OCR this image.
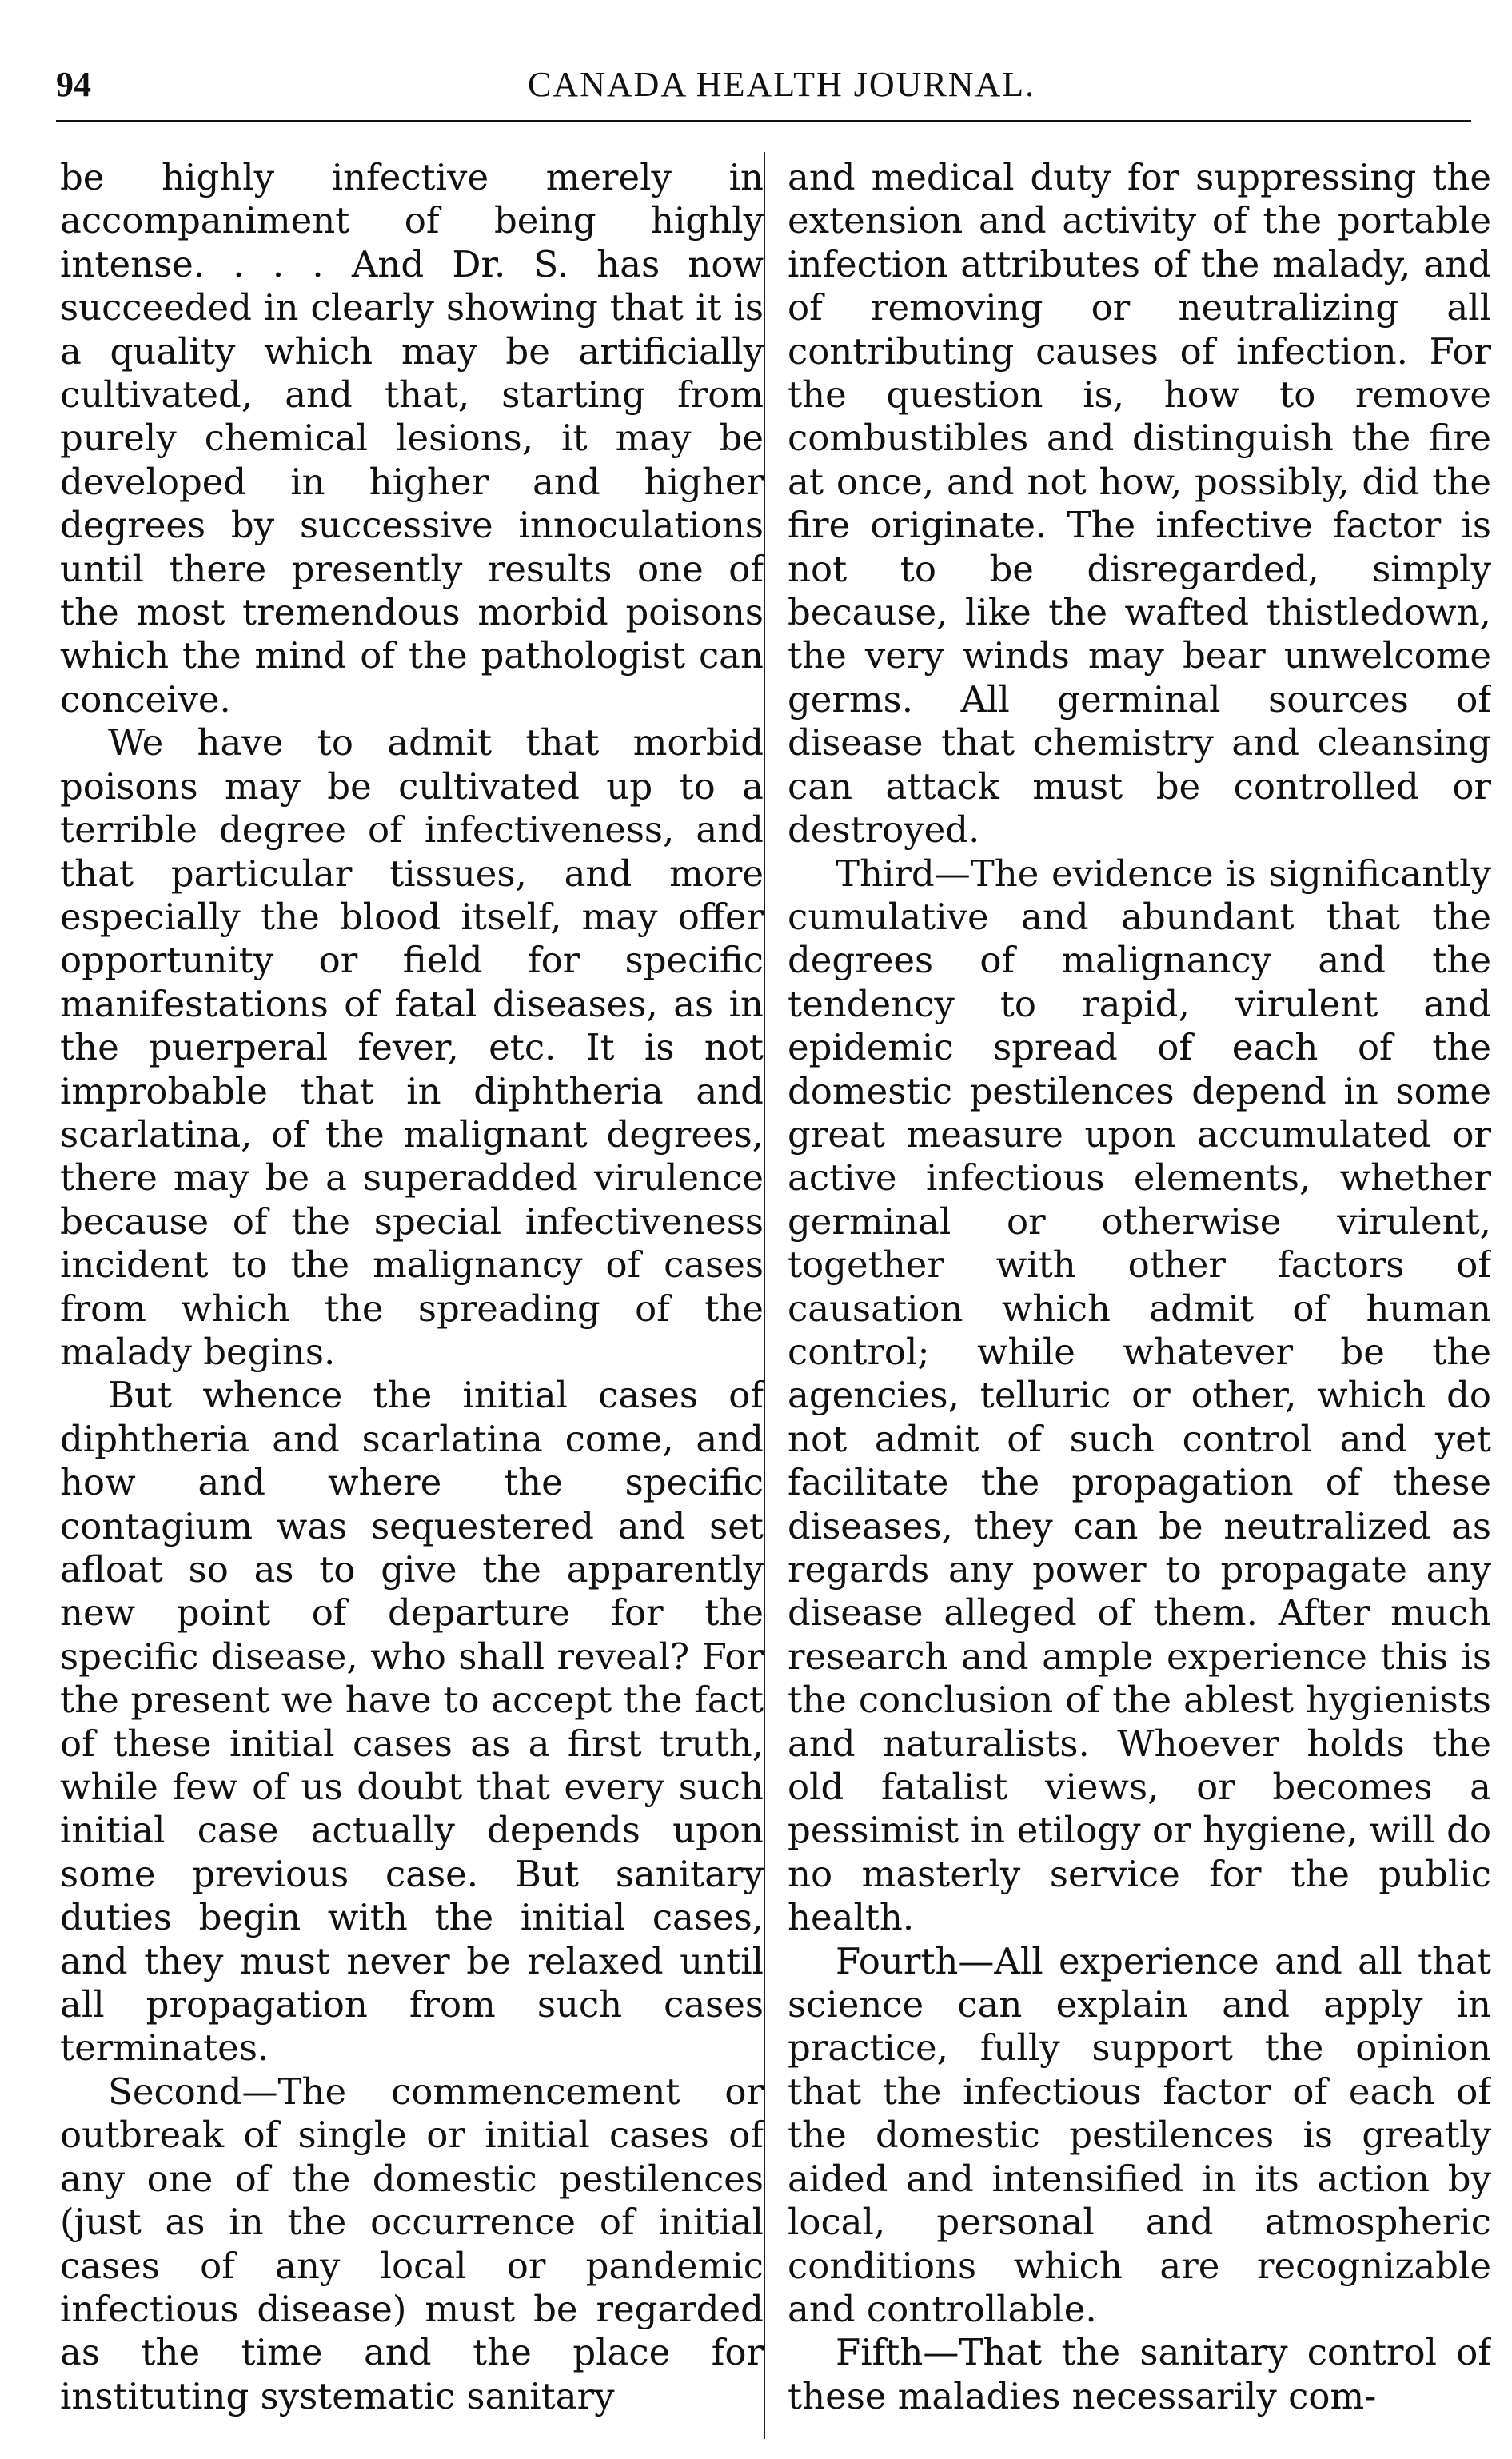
94	CANADA HEALTH JOURNAL.

be highly infective merely in accompaniment of being highly intense. . . . And Dr. S. has now succeeded in clearly showing that it is a quality which may be artificially cultivated, and that, starting from purely chemical lesions, it may be developed in higher and higher degrees by successive innoculations until there presently results one of the most tremendous morbid poisons which the mind of the pathologist can conceive.

We have to admit that morbid poisons may be cultivated up to a terrible degree of infectiveness, and that particular tissues, and more especially the blood itself, may offer opportunity or field for specific manifestations of fatal diseases, as in the puerperal fever, etc. It is not improbable that in diphtheria and scarlatina, of the malignant degrees, there may be a superadded virulence because of the special infectiveness incident to the malignancy of cases from which the spreading of the malady begins.

But whence the initial cases of diphtheria and scarlatina come, and how and where the specific contagium was sequestered and set afloat so as to give the apparently new point of departure for the specific disease, who shall reveal? For the present we have to accept the fact of these initial cases as a first truth, while few of us doubt that every such initial case actually depends upon some previous case. But sanitary duties begin with the initial cases, and they must never be relaxed until all propagation from such cases terminates.

Second—The commencement or outbreak of single or initial cases of any one of the domestic pestilences (just as in the occurrence of initial cases of any local or pandemic infectious disease) must be regarded as the time and the place for instituting systematic sanitary

and medical duty for suppressing the extension and activity of the portable infection attributes of the malady, and of removing or neutralizing all contributing causes of infection. For the question is, how to remove combustibles and distinguish the fire at once, and not how, possibly, did the fire originate. The infective factor is not to be disregarded, simply because, like the wafted thistledown, the very winds may bear unwelcome germs. All germinal sources of disease that chemistry and cleansing can attack must be controlled or destroyed.

Third—The evidence is significantly cumulative and abundant that the degrees of malignancy and the tendency to rapid, virulent and epidemic spread of each of the domestic pestilences depend in some great measure upon accumulated or active infectious elements, whether germinal or otherwise virulent, together with other factors of causation which admit of human control; while whatever be the agencies, telluric or other, which do not admit of such control and yet facilitate the propagation of these diseases, they can be neutralized as regards any power to propagate any disease alleged of them. After much research and ample experience this is the conclusion of the ablest hygienists and naturalists. Whoever holds the old fatalist views, or becomes a pessimist in etilogy or hygiene, will do no masterly service for the public health.

Fourth—All experience and all that science can explain and apply in practice, fully support the opinion that the infectious factor of each of the domestic pestilences is greatly aided and intensified in its action by local, personal and atmospheric conditions which are recognizable and controllable.

Fifth—That the sanitary control of these maladies necessarily com-
